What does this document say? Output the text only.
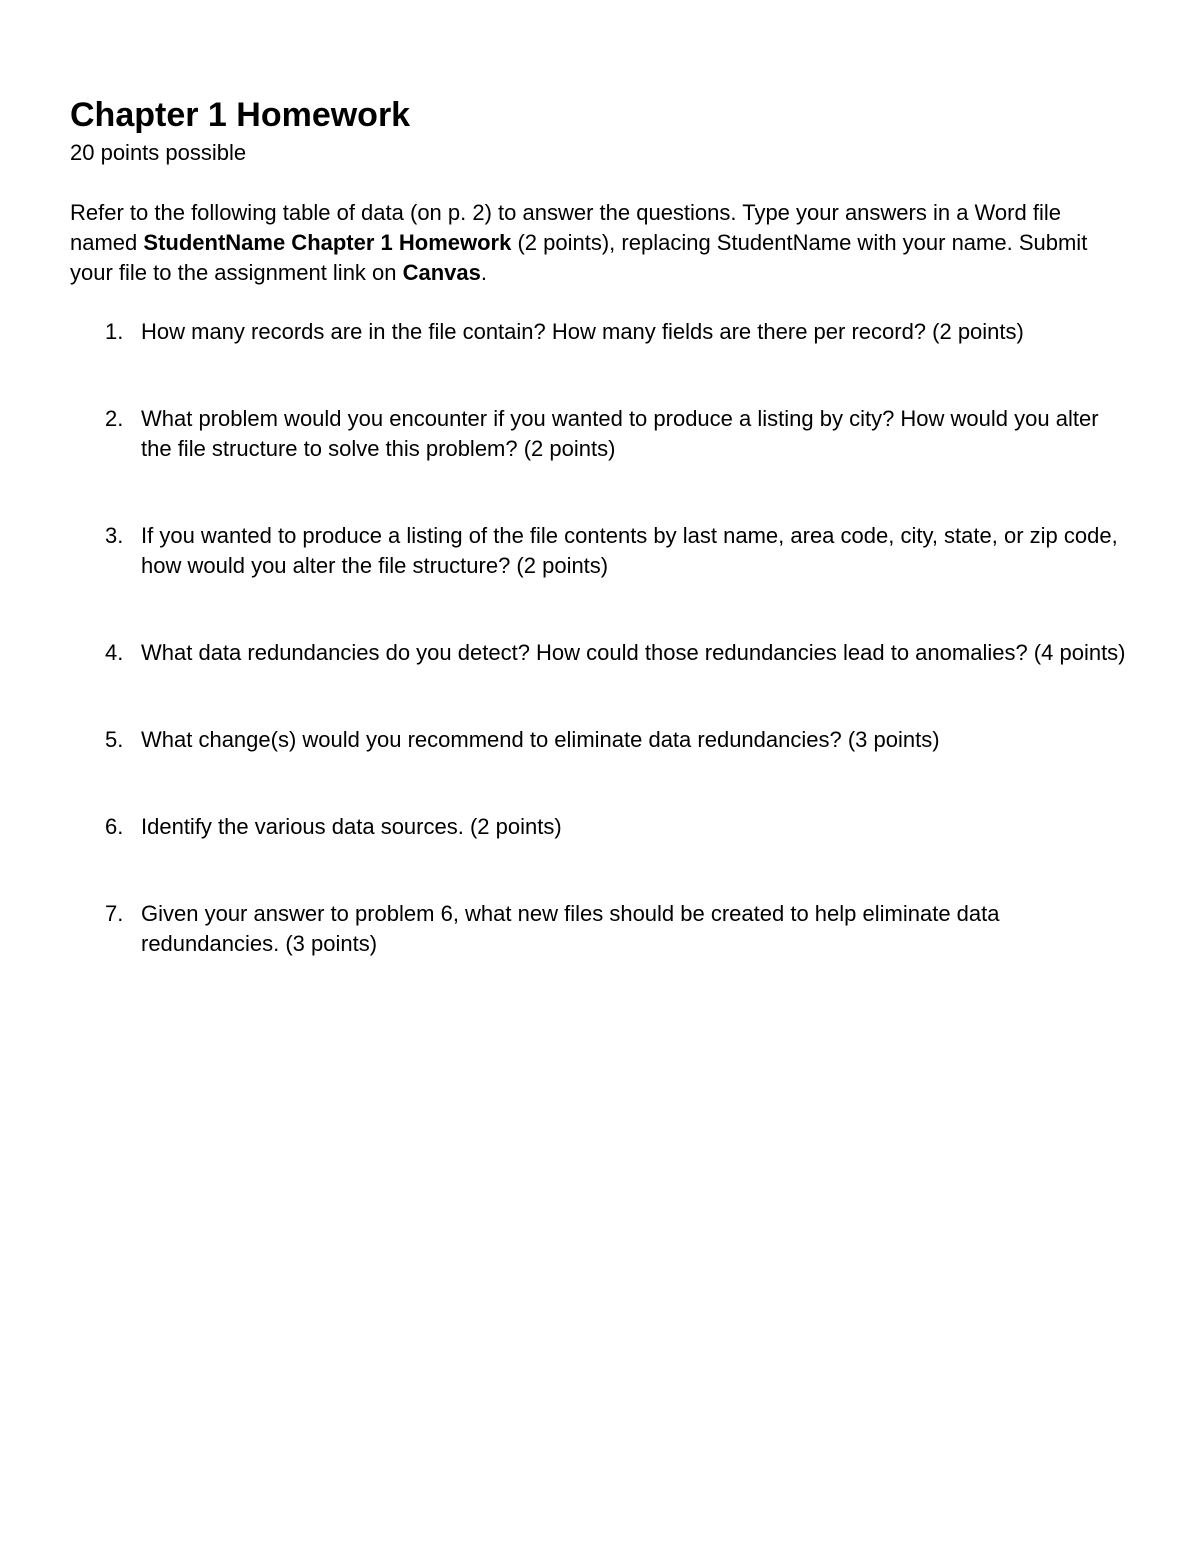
Chapter 1 Homework

20 points possible

Refer to the following table of data (on p. 2) to answer the questions. Type your answers in a Word file named StudentName Chapter 1 Homework (2 points), replacing StudentName with your name. Submit your file to the assignment link on Canvas.
1. How many records are in the file contain? How many fields are there per record? (2 points)
2. What problem would you encounter if you wanted to produce a listing by city? How would you alter the file structure to solve this problem? (2 points)
3. If you wanted to produce a listing of the file contents by last name, area code, city, state, or zip code, how would you alter the file structure? (2 points)
4. What data redundancies do you detect? How could those redundancies lead to anomalies? (4 points)
5. What change(s) would you recommend to eliminate data redundancies? (3 points)
6. Identify the various data sources. (2 points)
7. Given your answer to problem 6, what new files should be created to help eliminate data redundancies. (3 points)
